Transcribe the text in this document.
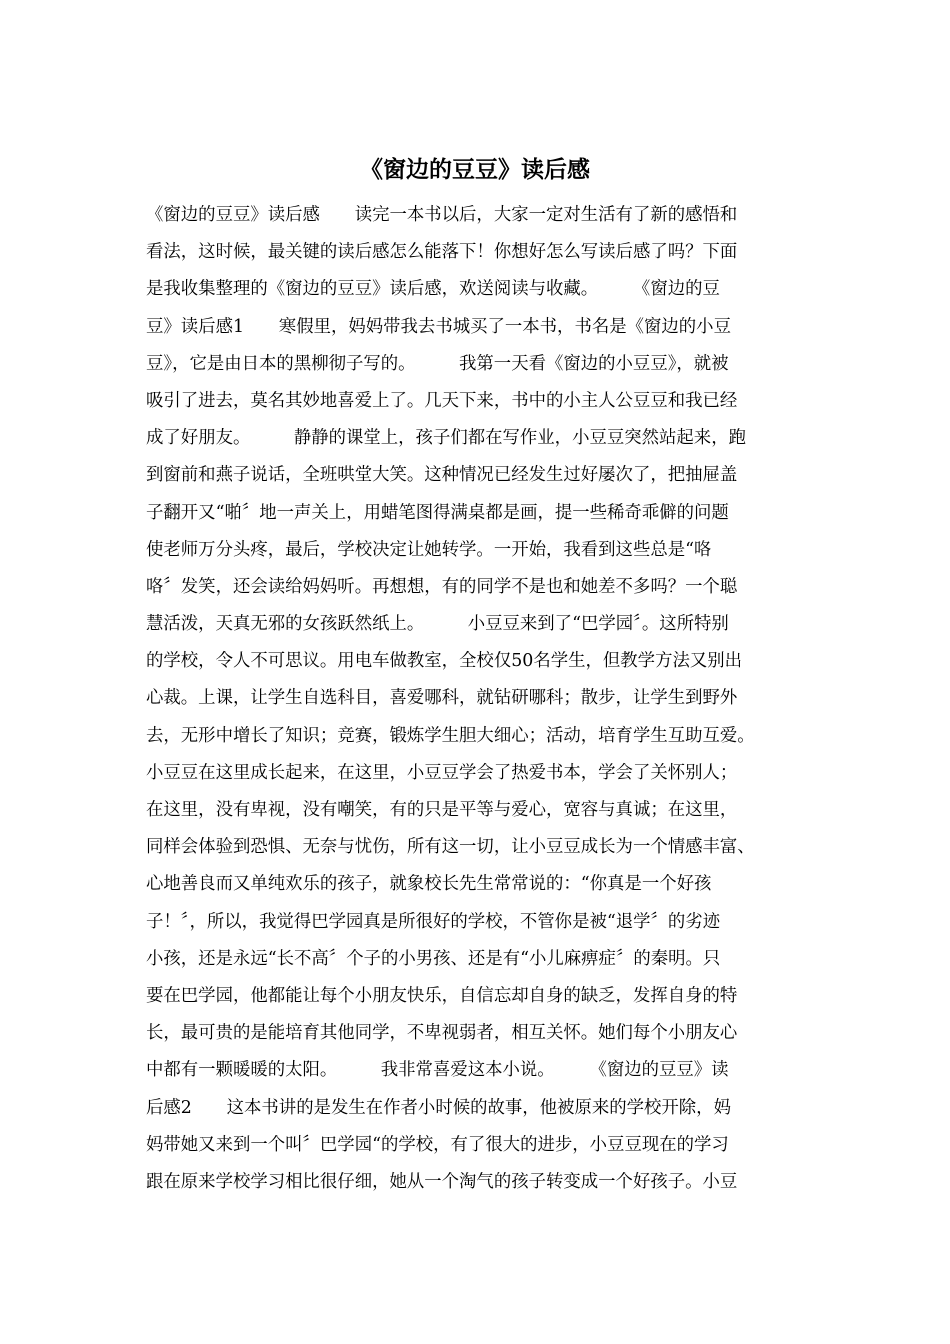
《窗边的豆豆》读后感
《窗边的豆豆》读后感　　读完一本书以后，大家一定对生活有了新的感悟和
看法，这时候，最关键的读后感怎么能落下！你想好怎么写读后感了吗？下面
是我收集整理的《窗边的豆豆》读后感，欢送阅读与收藏。　　　《窗边的豆
豆》读后感1　　寒假里，妈妈带我去书城买了一本书，书名是《窗边的小豆
豆》，它是由日本的黑柳彻子写的。　　　我第一天看《窗边的小豆豆》，就被
吸引了进去，莫名其妙地喜爱上了。几天下来，书中的小主人公豆豆和我已经
成了好朋友。　　　静静的课堂上，孩子们都在写作业，小豆豆突然站起来，跑
到窗前和燕子说话，全班哄堂大笑。这种情况已经发生过好屡次了，把抽屉盖
子翻开又“啪〞地一声关上，用蜡笔图得满桌都是画，提一些稀奇乖僻的问题
使老师万分头疼，最后，学校决定让她转学。一开始，我看到这些总是“咯
咯〞发笑，还会读给妈妈听。再想想，有的同学不是也和她差不多吗？一个聪
慧活泼，天真无邪的女孩跃然纸上。　　　小豆豆来到了“巴学园〞。这所特别
的学校，令人不可思议。用电车做教室，全校仅50名学生，但教学方法又别出
心裁。上课，让学生自选科目，喜爱哪科，就钻研哪科；散步，让学生到野外
去，无形中增长了知识；竞赛，锻炼学生胆大细心；活动，培育学生互助互爱。
小豆豆在这里成长起来，在这里，小豆豆学会了热爱书本，学会了关怀别人；
在这里，没有卑视，没有嘲笑，有的只是平等与爱心，宽容与真诚；在这里，
同样会体验到恐惧、无奈与忧伤，所有这一切，让小豆豆成长为一个情感丰富、
心地善良而又单纯欢乐的孩子，就象校长先生常常说的：“你真是一个好孩
子！〞，所以，我觉得巴学园真是所很好的学校，不管你是被“退学〞的劣迹
小孩，还是永远“长不高〞个子的小男孩、还是有“小儿麻痹症〞的秦明。只
要在巴学园，他都能让每个小朋友快乐，自信忘却自身的缺乏，发挥自身的特
长，最可贵的是能培育其他同学，不卑视弱者，相互关怀。她们每个小朋友心
中都有一颗暖暖的太阳。　　　我非常喜爱这本小说。　　　《窗边的豆豆》读
后感2　　这本书讲的是发生在作者小时候的故事，他被原来的学校开除，妈
妈带她又来到一个叫〞巴学园“的学校，有了很大的进步，小豆豆现在的学习
跟在原来学校学习相比很仔细，她从一个淘气的孩子转变成一个好孩子。小豆
